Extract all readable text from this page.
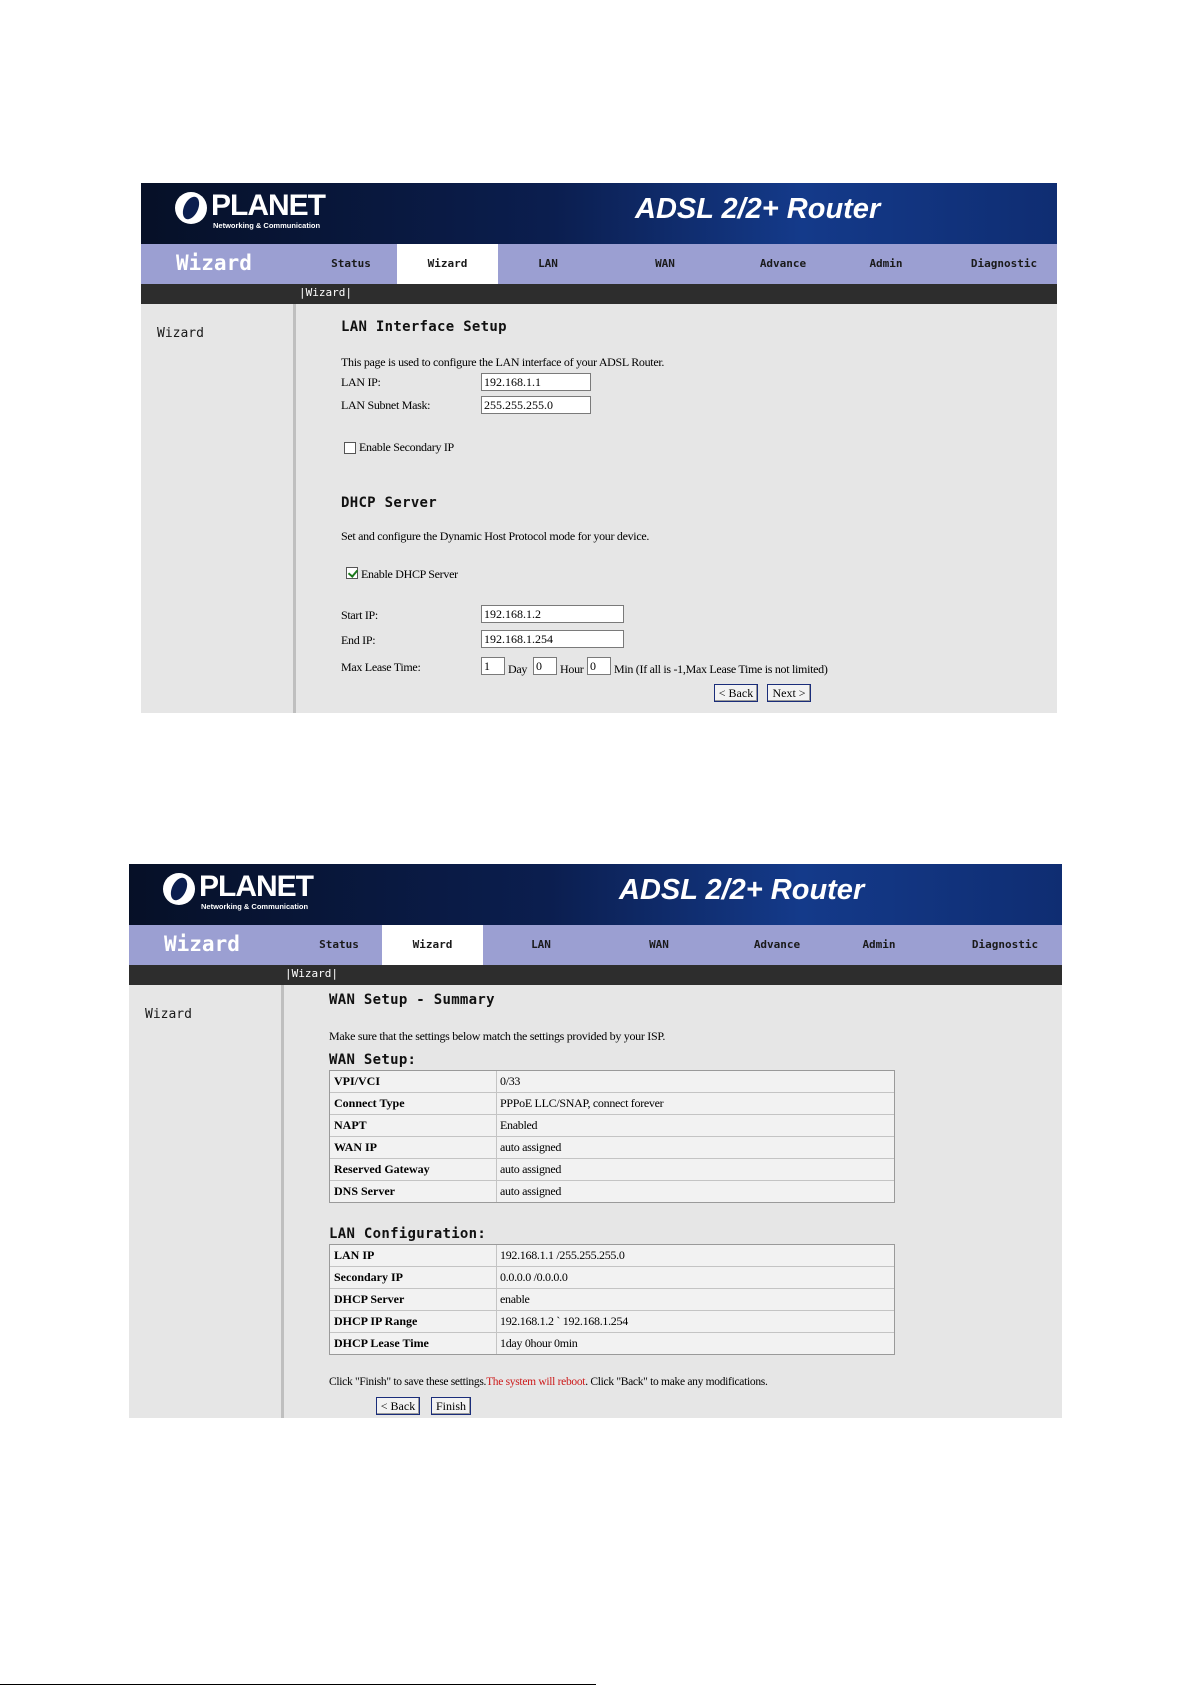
PLANET
Networking & Communication
ADSL 2/2+ Router
Wizard	Status	Wizard	LAN	WAN	Advance	Admin	Diagnostic
|Wizard|
Wizard	LAN Interface Setup
This page is used to configure the LAN interface of your ADSL Router.
LAN IP:	192.168.1.1
LAN Subnet Mask:	255.255.255.0
Enable Secondary IP
DHCP Server
Set and configure the Dynamic Host Protocol mode for your device.
Enable DHCP Server
Start IP:	192.168.1.2
End IP:	192.168.1.254
Max Lease Time:	1	Day 0	Hour 0	Min (If all is -1,Max Lease Time is not limited)
< Back	Next >
PLANET
Networking & Communication
ADSL 2/2+ Router
Wizard	Status	Wizard	LAN	WAN	Advance	Admin	Diagnostic
|Wizard|
Wizard
WAN Setup - Summary
Make sure that the settings below match the settings provided by your ISP.
WAN Setup:
VPI/VCI	0/33
Connect Type	PPPoE LLC/SNAP, connect forever
NAPT	Enabled
WAN IP	auto assigned
Reserved Gateway	auto assigned
DNS Server	auto assigned
LAN Configuration:
LAN IP	192.168.1.1 /255.255.255.0
Secondary IP	0.0.0.0 /0.0.0.0
DHCP Server	enable
DHCP IP Range	192.168.1.2 ` 192.168.1.254
DHCP Lease Time	1day 0hour 0min
Click "Finish" to save these settings.The system will reboot. Click "Back" to make any modifications.
< Back	Finish
